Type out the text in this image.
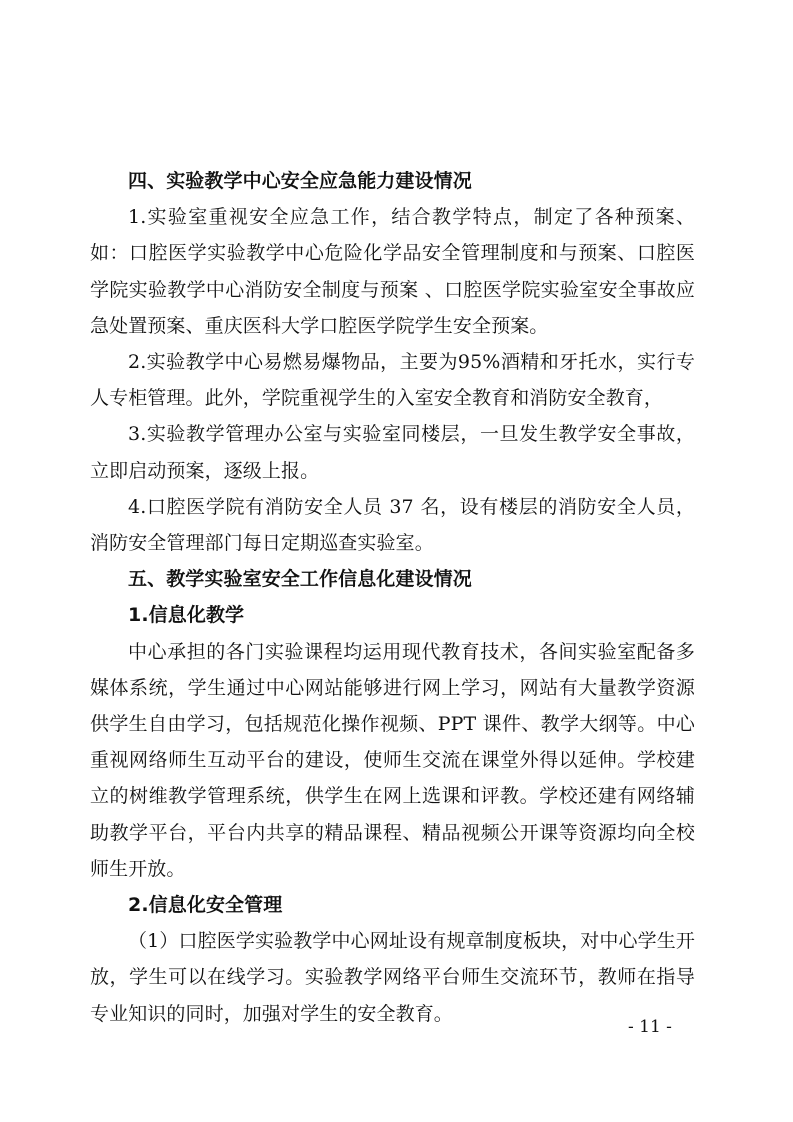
四、实验教学中心安全应急能力建设情况

1.实验室重视安全应急工作，结合教学特点，制定了各种预案、如：口腔医学实验教学中心危险化学品安全管理制度和与预案、口腔医学院实验教学中心消防安全制度与预案 、口腔医学院实验室安全事故应急处置预案、重庆医科大学口腔医学院学生安全预案。

2.实验教学中心易燃易爆物品，主要为95%酒精和牙托水，实行专人专柜管理。此外，学院重视学生的入室安全教育和消防安全教育，

3.实验教学管理办公室与实验室同楼层，一旦发生教学安全事故，立即启动预案，逐级上报。

4.口腔医学院有消防安全人员 37 名，设有楼层的消防安全人员，消防安全管理部门每日定期巡查实验室。

五、教学实验室安全工作信息化建设情况
1.信息化教学

中心承担的各门实验课程均运用现代教育技术，各间实验室配备多媒体系统，学生通过中心网站能够进行网上学习，网站有大量教学资源供学生自由学习，包括规范化操作视频、PPT 课件、教学大纲等。中心重视网络师生互动平台的建设，使师生交流在课堂外得以延伸。学校建立的树维教学管理系统，供学生在网上选课和评教。学校还建有网络辅助教学平台，平台内共享的精品课程、精品视频公开课等资源均向全校师生开放。

2.信息化安全管理

（1）口腔医学实验教学中心网址设有规章制度板块，对中心学生开放，学生可以在线学习。实验教学网络平台师生交流环节，教师在指导专业知识的同时，加强对学生的安全教育。

- 11 -
